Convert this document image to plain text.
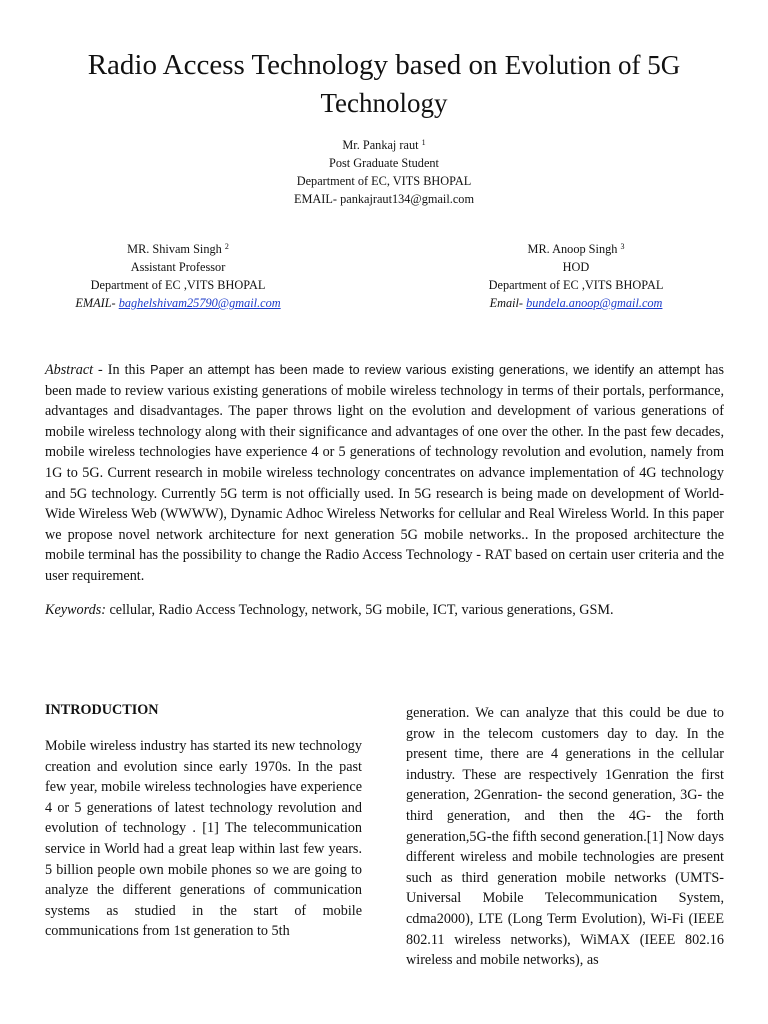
Radio Access Technology based on Evolution of 5G Technology
Mr. Pankaj raut $^1$
Post Graduate Student
Department of EC, VITS BHOPAL
EMAIL- pankajraut134@gmail.com
MR. Shivam Singh $^2$
Assistant Professor
Department of EC ,VITS BHOPAL
EMAIL- baghelshivam25790@gmail.com
MR. Anoop Singh $^3$
HOD
Department of EC ,VITS BHOPAL
Email- bundela.anoop@gmail.com

Abstract - In this Paper an attempt has been made to review various existing generations, we identify an attempt has been made to review various existing generations of mobile wireless technology in terms of their portals, performance, advantages and disadvantages. The paper throws light on the evolution and development of various generations of mobile wireless technology along with their significance and advantages of one over the other. In the past few decades, mobile wireless technologies have experience 4 or 5 generations of technology revolution and evolution, namely from 1G to 5G. Current research in mobile wireless technology concentrates on advance implementation of 4G technology and 5G technology. Currently 5G term is not officially used. In 5G research is being made on development of World-Wide Wireless Web (WWWW), Dynamic Adhoc Wireless Networks for cellular and Real Wireless World. In this paper we propose novel network architecture for next generation 5G mobile networks.. In the proposed architecture the mobile terminal has the possibility to change the Radio Access Technology - RAT based on certain user criteria and the user requirement.

Keywords: cellular, Radio Access Technology, network, 5G mobile, ICT, various generations, GSM.

INTRODUCTION

Mobile wireless industry has started its new technology creation and evolution since early 1970s. In the past few year, mobile wireless technologies have experience 4 or 5 generations of latest technology revolution and evolution of technology . [1] The telecommunication service in World had a great leap within last few years. 5 billion people own mobile phones so we are going to analyze the different generations of communication systems as studied in the start of mobile communications from 1st generation to 5th

generation. We can analyze that this could be due to grow in the telecom customers day to day. In the present time, there are 4 generations in the cellular industry. These are respectively 1Genration the first generation, 2Genration- the second generation, 3G- the third generation, and then the 4G- the forth generation,5G-the fifth second generation.[1] Now days different wireless and mobile technologies are present such as third generation mobile networks (UMTS- Universal Mobile Telecommunication System, cdma2000), LTE (Long Term Evolution), Wi-Fi (IEEE 802.11 wireless networks), WiMAX (IEEE 802.16 wireless and mobile networks), as
